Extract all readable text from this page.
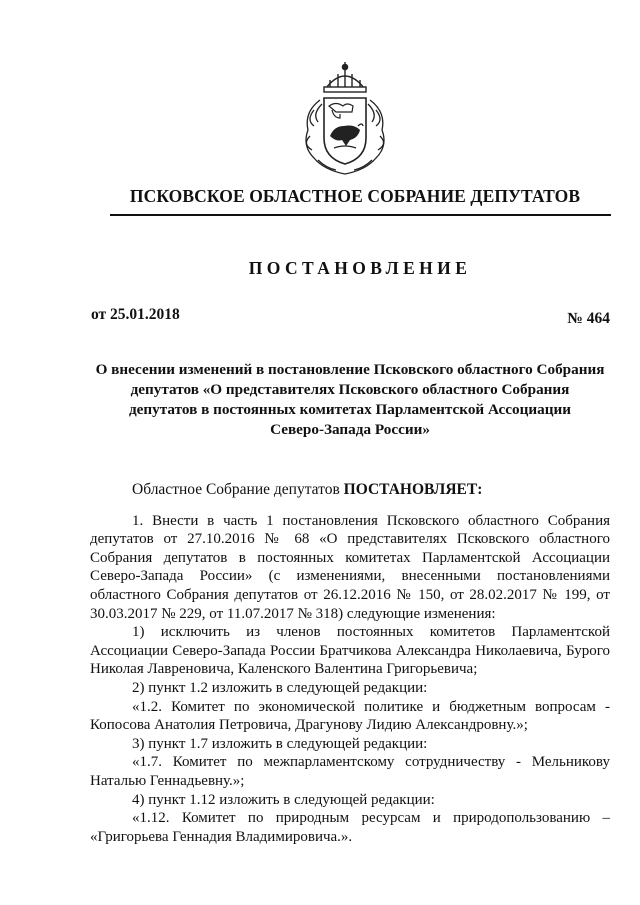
ПСКОВСКОЕ ОБЛАСТНОЕ СОБРАНИЕ ДЕПУТАТОВ
ПОСТАНОВЛЕНИЕ
от 25.01.2018	№ 464
О внесении изменений в постановление Псковского областного Собрания
депутатов «О представителях Псковского областного Собрания
депутатов в постоянных комитетах Парламентской Ассоциации
Северо-Запада России»

Областное Собрание депутатов ПОСТАНОВЛЯЕТ:

1. Внести в часть 1 постановления Псковского областного Собрания депутатов от 27.10.2016 № 68 «О представителях Псковского областного Собрания депутатов в постоянных комитетах Парламентской Ассоциации Северо-Запада России» (с изменениями, внесенными постановлениями областного Собрания депутатов от 26.12.2016 № 150, от 28.02.2017 № 199, от 30.03.2017 № 229, от 11.07.2017 № 318) следующие изменения:

1) исключить из членов постоянных комитетов Парламентской Ассоциации Северо-Запада России Братчикова Александра Николаевича, Бурого Николая Лавреновича, Каленского Валентина Григорьевича;

2) пункт 1.2 изложить в следующей редакции:

«1.2. Комитет по экономической политике и бюджетным вопросам - Копосова Анатолия Петровича, Драгунову Лидию Александровну.»;

3) пункт 1.7 изложить в следующей редакции:

«1.7. Комитет по межпарламентскому сотрудничеству - Мельникову Наталью Геннадьевну.»;

4) пункт 1.12 изложить в следующей редакции:

«1.12. Комитет по природным ресурсам и природопользованию – «Григорьева Геннадия Владимировича.».
